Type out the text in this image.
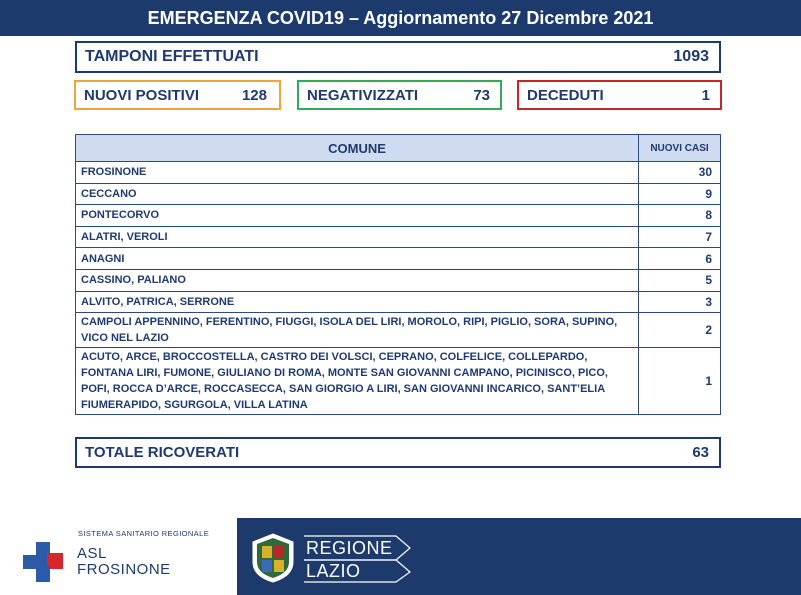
EMERGENZA COVID19 – Aggiornamento 27 Dicembre 2021
TAMPONI EFFETTUATI	1093
NUOVI POSITIVI	128	NEGATIVIZZATI	73 DECEDUTI	1
COMUNE	NUOVI CASI
FROSINONE	30
CECCANO	9
PONTECORVO	8
ALATRI, VEROLI	7
ANAGNI	6
CASSINO, PALIANO	5
ALVITO, PATRICA, SERRONE	3
CAMPOLI APPENNINO, FERENTINO, FIUGGI, ISOLA DEL LIRI, MOROLO, RIPI, PIGLIO, SORA, SUPINO, VICO NEL LAZIO	2
ACUTO, ARCE, BROCCOSTELLA, CASTRO DEI VOLSCI, CEPRANO, COLFELICE, COLLEPARDO, FONTANA LIRI, FUMONE, GIULIANO DI ROMA, MONTE SAN GIOVANNI CAMPANO, PICINISCO, PICO, POFI, ROCCA D’ARCE, ROCCASECCA, SAN GIORGIO A LIRI, SAN GIOVANNI INCARICO, SANT’ELIA FIUMERAPIDO, SGURGOLA, VILLA LATINA	1
TOTALE RICOVERATI	63
SISTEMA SANITARIO REGIONALE
ASL
FROSINONE
REGIONE
LAZIO
